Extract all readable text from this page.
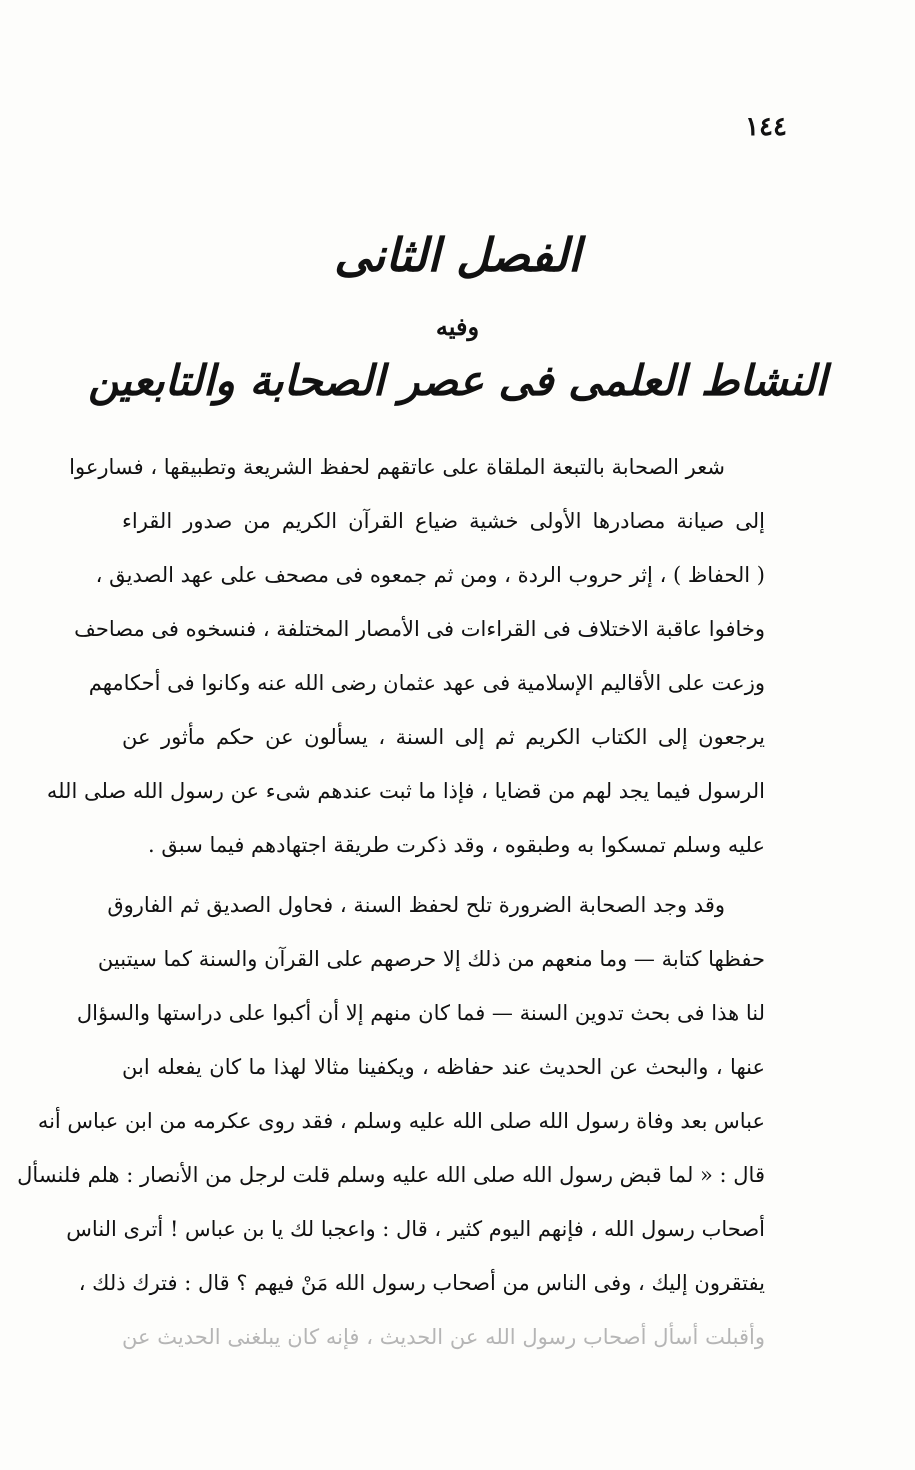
١٤٤
الفصل الثانى
وفيه
النشاط العلمى فى عصر الصحابة والتابعين
شعر الصحابة بالتبعة الملقاة على عاتقهم لحفظ الشريعة وتطبيقها ، فسارعوا
إلى صيانة مصادرها الأولى خشية ضياع القرآن الكريم من صدور القراء
( الحفاظ ) ، إثر حروب الردة ، ومن ثم جمعوه فى مصحف على عهد الصديق ،
وخافوا عاقبة الاختلاف فى القراءات فى الأمصار المختلفة ، فنسخوه فى مصاحف
وزعت على الأقاليم الإسلامية فى عهد عثمان رضى الله عنه وكانوا فى أحكامهم
يرجعون إلى الكتاب الكريم ثم إلى السنة ، يسألون عن حكم مأثور عن
الرسول فيما يجد لهم من قضايا ، فإذا ما ثبت عندهم شىء عن رسول الله صلى الله
عليه وسلم تمسكوا به وطبقوه ، وقد ذكرت طريقة اجتهادهم فيما سبق .
وقد وجد الصحابة الضرورة تلح لحفظ السنة ، فحاول الصديق ثم الفاروق
حفظها كتابة — وما منعهم من ذلك إلا حرصهم على القرآن والسنة كما سيتبين
لنا هذا فى بحث تدوين السنة — فما كان منهم إلا أن أكبوا على دراستها والسؤال
عنها ، والبحث عن الحديث عند حفاظه ، ويكفينا مثالا لهذا ما كان يفعله ابن
عباس بعد وفاة رسول الله صلى الله عليه وسلم ، فقد روى عكرمه من ابن عباس أنه
قال : « لما قبض رسول الله صلى الله عليه وسلم قلت لرجل من الأنصار : هلم فلنسأل
أصحاب رسول الله ، فإنهم اليوم كثير ، قال : واعجبا لك يا بن عباس ! أترى الناس
يفتقرون إليك ، وفى الناس من أصحاب رسول الله مَنْ فيهم ؟ قال : فترك ذلك ،
وأقبلت أسأل أصحاب رسول الله عن الحديث ، فإنه كان يبلغنى الحديث عن
